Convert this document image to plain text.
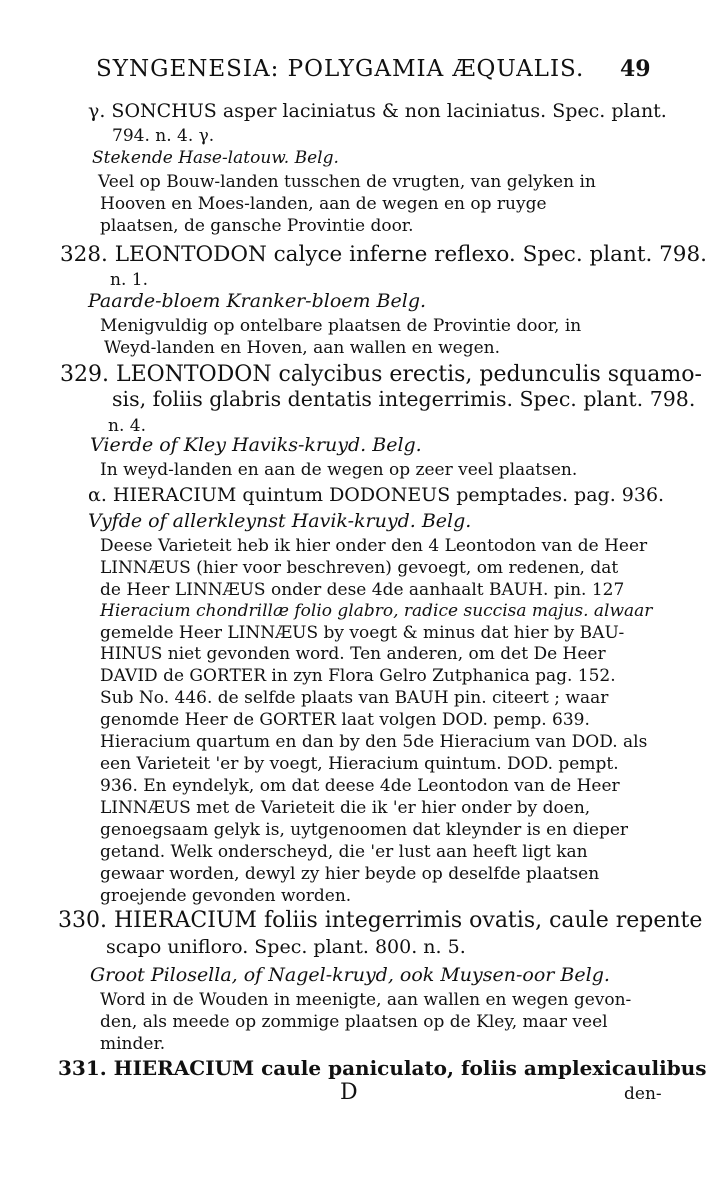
SYNGENESIA: POLYGAMIA ÆQUALIS. 49
γ. SONCHUS asper laciniatus & non laciniatus. Spec. plant.
794. n. 4. γ.
Stekende Hase-latouw. Belg.
Veel op Bouw-landen tusschen de vrugten, van gelyken in
Hooven en Moes-landen, aan de wegen en op ruyge
plaatsen, de gansche Provintie door.
328. LEONTODON calyce inferne reflexo. Spec. plant. 798.
n. 1.
Paarde-bloem Kranker-bloem Belg.
Menigvuldig op ontelbare plaatsen de Provintie door, in
Weyd-landen en Hoven, aan wallen en wegen.
329. LEONTODON calycibus erectis, pedunculis squamo-
sis, foliis glabris dentatis integerrimis. Spec. plant. 798.
n. 4.
Vierde of Kley Haviks-kruyd. Belg.
In weyd-landen en aan de wegen op zeer veel plaatsen.
α. HIERACIUM quintum DODONEUS pemptades. pag. 936.
Vyfde of allerkleynst Havik-kruyd. Belg.
Deese Varieteit heb ik hier onder den 4 Leontodon van de Heer
LINNÆUS (hier voor beschreven) gevoegt, om redenen, dat
de Heer LINNÆUS onder dese 4de aanhaalt BAUH. pin. 127
Hieracium chondrillæ folio glabro, radice succisa majus. alwaar
gemelde Heer LINNÆUS by voegt & minus dat hier by BAU-
HINUS niet gevonden word. Ten anderen, om det De Heer
DAVID de GORTER in zyn Flora Gelro Zutphanica pag. 152.
Sub No. 446. de selfde plaats van BAUH pin. citeert ; waar
genomde Heer de GORTER laat volgen DOD. pemp. 639.
Hieracium quartum en dan by den 5de Hieracium van DOD. als
een Varieteit 'er by voegt, Hieracium quintum. DOD. pempt.
936. En eyndelyk, om dat deese 4de Leontodon van de Heer
LINNÆUS met de Varieteit die ik 'er hier onder by doen,
genoegsaam gelyk is, uytgenoomen dat kleynder is en dieper
getand. Welk onderscheyd, die 'er lust aan heeft ligt kan
gewaar worden, dewyl zy hier beyde op deselfde plaatsen
groejende gevonden worden.
330. HIERACIUM foliis integerrimis ovatis, caule repente
scapo unifloro. Spec. plant. 800. n. 5.
Groot Pilosella, of Nagel-kruyd, ook Muysen-oor Belg.
Word in de Wouden in meenigte, aan wallen en wegen gevon-
den, als meede op zommige plaatsen op de Kley, maar veel
minder.
331. HIERACIUM caule paniculato, foliis amplexicaulibus
D	den-
